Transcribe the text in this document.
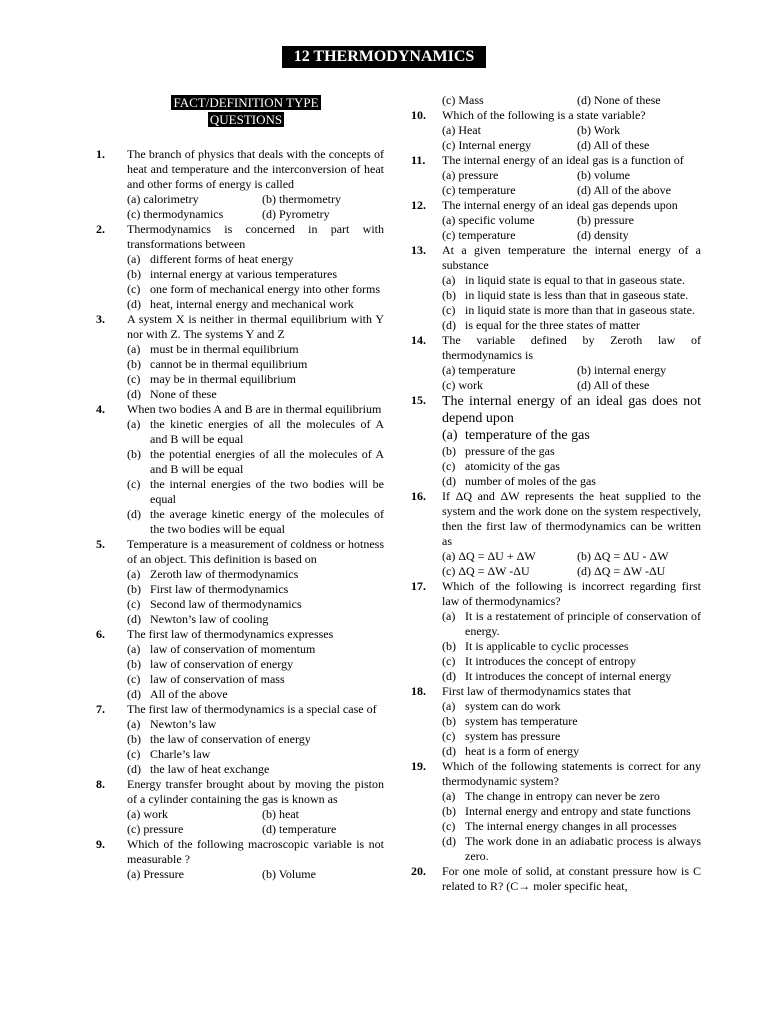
12 THERMODYNAMICS
FACT/DEFINITION TYPE
QUESTIONS
1.	The branch of physics that deals with the concepts of heat and temperature and the interconversion of heat and other forms of energy is called
(a) calorimetry	(b) thermometry
(c) thermodynamics	(d) Pyrometry
2.	Thermodynamics is concerned in part with transformations between
(a) different forms of heat energy
(b) internal energy at various temperatures
(c) one form of mechanical energy into other forms
(d) heat, internal energy and mechanical work
3.	A system X is neither in thermal equilibrium with Y nor with Z. The systems Y and Z
(a) must be in thermal equilibrium
(b) cannot be in thermal equilibrium
(c) may be in thermal equilibrium
(d) None of these
4.	When two bodies A and B are in thermal equilibrium
(a) the kinetic energies of all the molecules of A and B will be equal
(b) the potential energies of all the molecules of A and B will be equal
(c) the internal energies of the two bodies will be equal
(d) the average kinetic energy of the molecules of the two bodies will be equal
5.	Temperature is a measurement of coldness or hotness of an object. This definition is based on
(a) Zeroth law of thermodynamics
(b) First law of thermodynamics
(c) Second law of thermodynamics
(d) Newton’s law of cooling
6.	The first law of thermodynamics expresses
(a) law of conservation of momentum
(b) law of conservation of energy
(c) law of conservation of mass
(d) All of the above
7.	The first law of thermodynamics is a special case of
(a) Newton’s law
(b) the law of conservation of energy
(c) Charle’s law
(d) the law of heat exchange
8.	Energy transfer brought about by moving the piston of a cylinder containing the gas is known as
(a) work	(b) heat
(c) pressure	(d) temperature
9.	Which of the following macroscopic variable is not measurable ?
(a) Pressure	(b) Volume
(c) Mass	(d) None of these
10.	Which of the following is a state variable?
(a) Heat	(b) Work
(c) Internal energy	(d) All of these
11.	The internal energy of an ideal gas is a function of
(a) pressure	(b) volume
(c) temperature	(d) All of the above
12.	The internal energy of an ideal gas depends upon
(a) specific volume	(b) pressure
(c) temperature	(d) density
13.	At a given temperature the internal energy of a substance
(a) in liquid state is equal to that in gaseous state.
(b) in liquid state is less than that in gaseous state.
(c) in liquid state is more than that in gaseous state.
(d) is equal for the three states of matter
14.	The variable defined by Zeroth law of thermodynamics is
(a) temperature	(b) internal energy
(c) work	(d) All of these
15.	The internal energy of an ideal gas does not depend upon
(a) temperature of the gas
(b) pressure of the gas
(c) atomicity of the gas
(d) number of moles of the gas
16.	If ΔQ and ΔW represents the heat supplied to the system and the work done on the system respectively, then the first law of thermodynamics can be written as
(a) ΔQ = ΔU + ΔW	(b) ΔQ = ΔU - ΔW
(c) ΔQ = ΔW -ΔU	(d) ΔQ = ΔW -ΔU
17.	Which of the following is incorrect regarding first law of thermodynamics?
(a) It is a restatement of principle of conservation of energy.
(b) It is applicable to cyclic processes
(c) It introduces the concept of entropy
(d) It introduces the concept of internal energy
18.	First law of thermodynamics states that
(a) system can do work
(b) system has temperature
(c) system has pressure
(d) heat is a form of energy
19.	Which of the following statements is correct for any thermodynamic system?
(a) The change in entropy can never be zero
(b) Internal energy and entropy and state functions
(c) The internal energy changes in all processes
(d) The work done in an adiabatic process is always zero.
20.	For one mole of solid, at constant pressure how is C related to R? (C→ moler specific heat,
